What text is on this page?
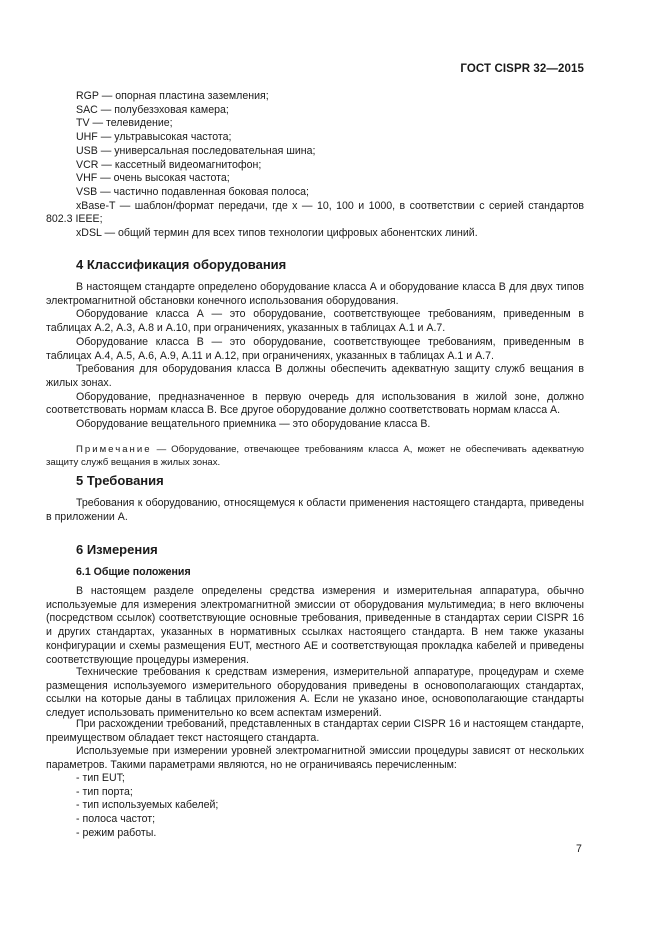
ГОСТ CISPR 32—2015
RGP — опорная пластина заземления;
SAC — полубезэховая камера;
TV — телевидение;
UHF — ультравысокая частота;
USB — универсальная последовательная шина;
VCR — кассетный видеомагнитофон;
VHF — очень высокая частота;
VSB — частично подавленная боковая полоса;

xBase-T — шаблон/формат передачи, где х — 10, 100 и 1000, в соответствии с серией стандартов 802.3 IEEE;

xDSL — общий термин для всех типов технологии цифровых абонентских линий.
4 Классификация оборудования

В настоящем стандарте определено оборудование класса А и оборудование класса В для двух типов электромагнитной обстановки конечного использования оборудования.

Оборудование класса А — это оборудование, соответствующее требованиям, приведенным в таблицах А.2, А.3, А.8 и А.10, при ограничениях, указанных в таблицах А.1 и А.7.

Оборудование класса В — это оборудование, соответствующее требованиям, приведенным в таблицах А.4, А.5, А.6, А.9, А.11 и А.12, при ограничениях, указанных в таблицах А.1 и А.7.

Требования для оборудования класса В должны обеспечить адекватную защиту служб вещания в жилых зонах.

Оборудование, предназначенное в первую очередь для использования в жилой зоне, должно соответствовать нормам класса В. Все другое оборудование должно соответствовать нормам класса А.

Оборудование вещательного приемника — это оборудование класса В.

Примечание — Оборудование, отвечающее требованиям класса А, может не обеспечивать адекватную защиту служб вещания в жилых зонах.

5 Требования

Требования к оборудованию, относящемуся к области применения настоящего стандарта, приведены в приложении А.

6 Измерения
6.1 Общие положения

В настоящем разделе определены средства измерения и измерительная аппаратура, обычно используемые для измерения электромагнитной эмиссии от оборудования мультимедиа; в него включены (посредством ссылок) соответствующие основные требования, приведенные в стандартах серии CISPR 16 и других стандартах, указанных в нормативных ссылках настоящего стандарта. В нем также указаны конфигурации и схемы размещения EUT, местного АЕ и соответствующая прокладка кабелей и приведены соответствующие процедуры измерения.

Технические требования к средствам измерения, измерительной аппаратуре, процедурам и схеме размещения используемого измерительного оборудования приведены в основополагающих стандартах, ссылки на которые даны в таблицах приложения А. Если не указано иное, основополагающие стандарты следует использовать применительно ко всем аспектам измерений.

При расхождении требований, представленных в стандартах серии CISPR 16 и настоящем стандарте, преимуществом обладает текст настоящего стандарта.

Используемые при измерении уровней электромагнитной эмиссии процедуры зависят от нескольких параметров. Такими параметрами являются, но не ограничиваясь перечисленным:

- тип EUT;
- тип порта;
- тип используемых кабелей;
- полоса частот;
- режим работы.
7
